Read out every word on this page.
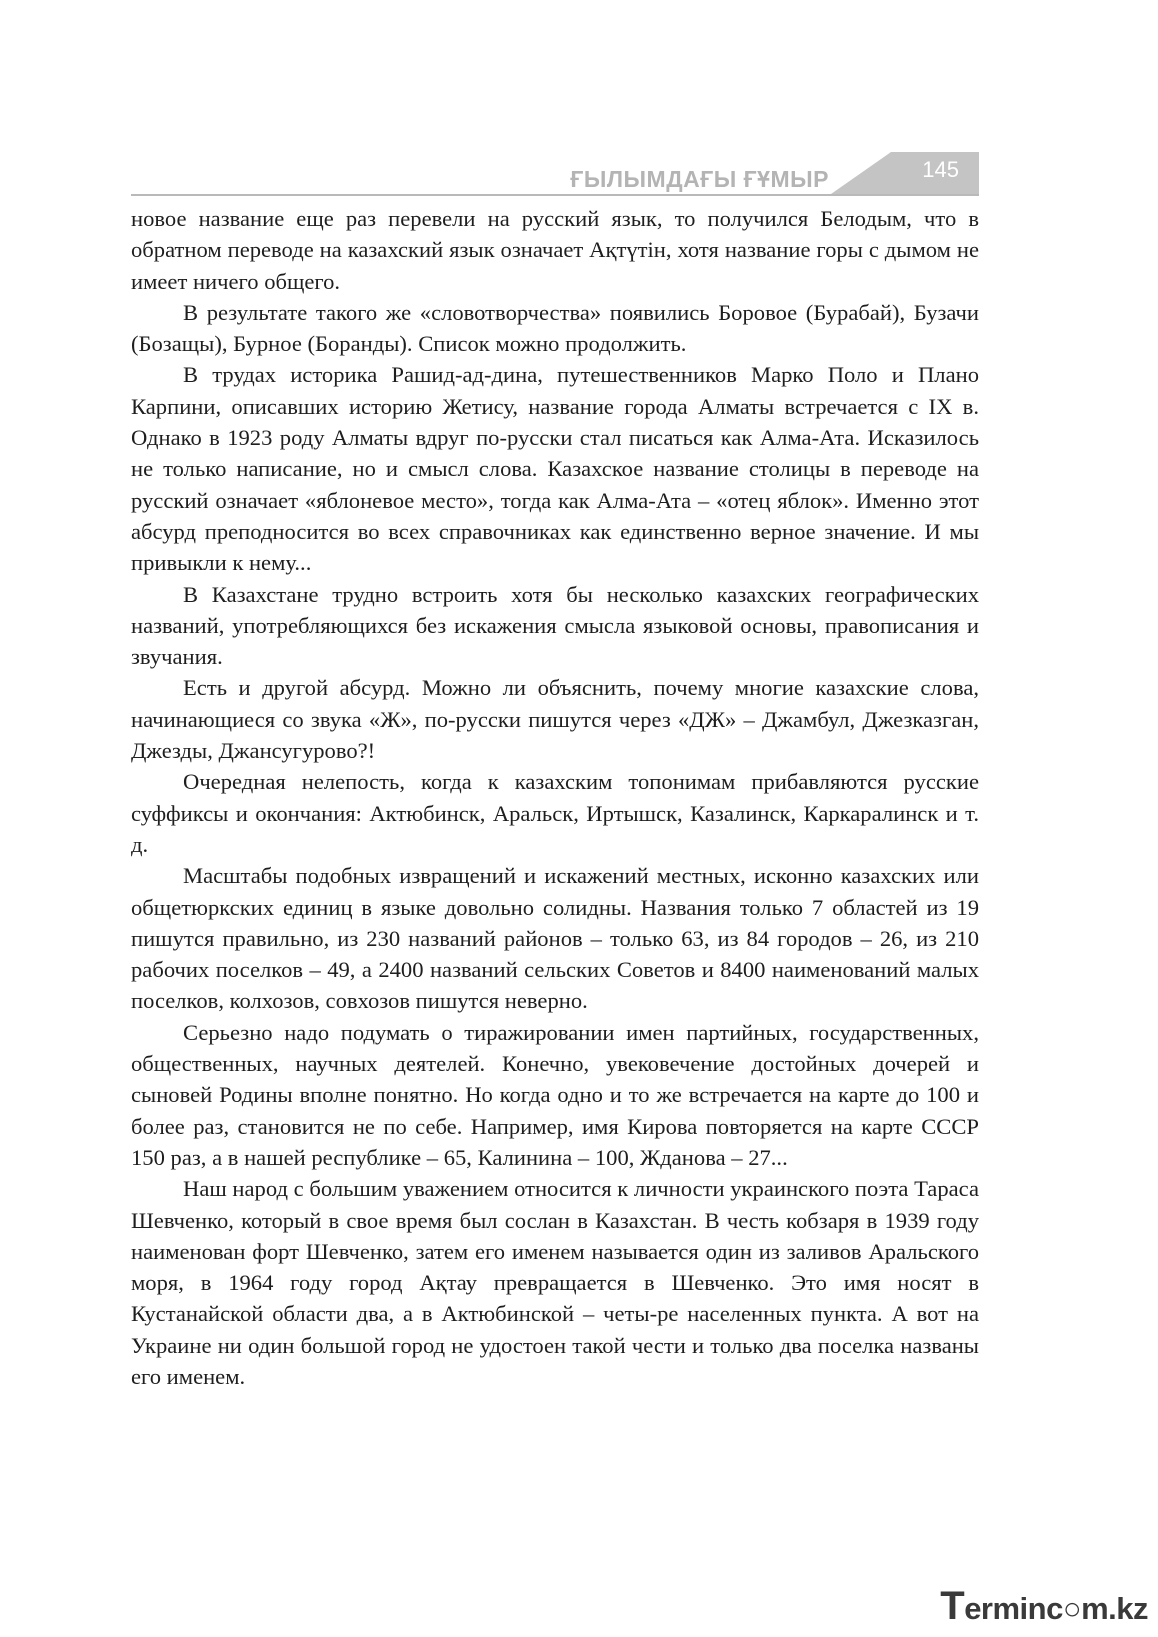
ҒЫЛЫМДАҒЫ ҒҰМЫР	145

новое название еще раз перевели на русский язык, то получился Белодым, что в обратном переводе на казахский язык означает Ақтүтін, хотя название горы с дымом не имеет ничего общего.

В результате такого же «словотворчества» появились Боровое (Бурабай), Бузачи (Бозащы), Бурное (Боранды). Список можно продолжить.

В трудах историка Рашид-ад-дина, путешественников Марко Поло и Плано Карпини, описавших историю Жетису, название города Алматы встречается с IX в. Однако в 1923 роду Алматы вдруг по-русски стал писаться как Алма-Ата. Исказилось не только написание, но и смысл слова. Казахское название столицы в переводе на русский означает «яблоневое место», тогда как Алма-Ата – «отец яблок». Именно этот абсурд преподносится во всех справочниках как единственно верное значение. И мы привыкли к нему...

В Казахстане трудно встроить хотя бы несколько казахских географических названий, употребляющихся без искажения смысла языковой основы, правописания и звучания.

Есть и другой абсурд. Можно ли объяснить, почему многие казахские слова, начинающиеся со звука «Ж», по-русски пишутся через «ДЖ» – Джамбул, Джезказган, Джезды, Джансугурово?!

Очередная нелепость, когда к казахским топонимам прибавляются русские суффиксы и окончания: Актюбинск, Аральск, Иртышск, Казалинск, Каркаралинск и т. д.

Масштабы подобных извращений и искажений местных, исконно казахских или общетюркских единиц в языке довольно солидны. Названия только 7 областей из 19 пишутся правильно, из 230 названий районов – только 63, из 84 городов – 26, из 210 рабочих поселков – 49, а 2400 названий сельских Советов и 8400 наименований малых поселков, колхозов, совхозов пишутся неверно.

Серьезно надо подумать о тиражировании имен партийных, государственных, общественных, научных деятелей. Конечно, увековечение достойных дочерей и сыновей Родины вполне понятно. Но когда одно и то же встречается на карте до 100 и более раз, становится не по себе. Например, имя Кирова повторяется на карте СССР 150 раз, а в нашей республике – 65, Калинина – 100, Жданова – 27...

Наш народ с большим уважением относится к личности украинского поэта Тараса Шевченко, который в свое время был сослан в Казахстан. В честь кобзаря в 1939 году наименован форт Шевченко, затем его именем называется один из заливов Аральского моря, в 1964 году город Ақтау превращается в Шевченко. Это имя носят в Кустанайской области два, а в Актюбинской – четы-ре населенных пункта. А вот на Украине ни один большой город не удостоен такой чести и только два поселка названы его именем.

Terminc○m.kz
